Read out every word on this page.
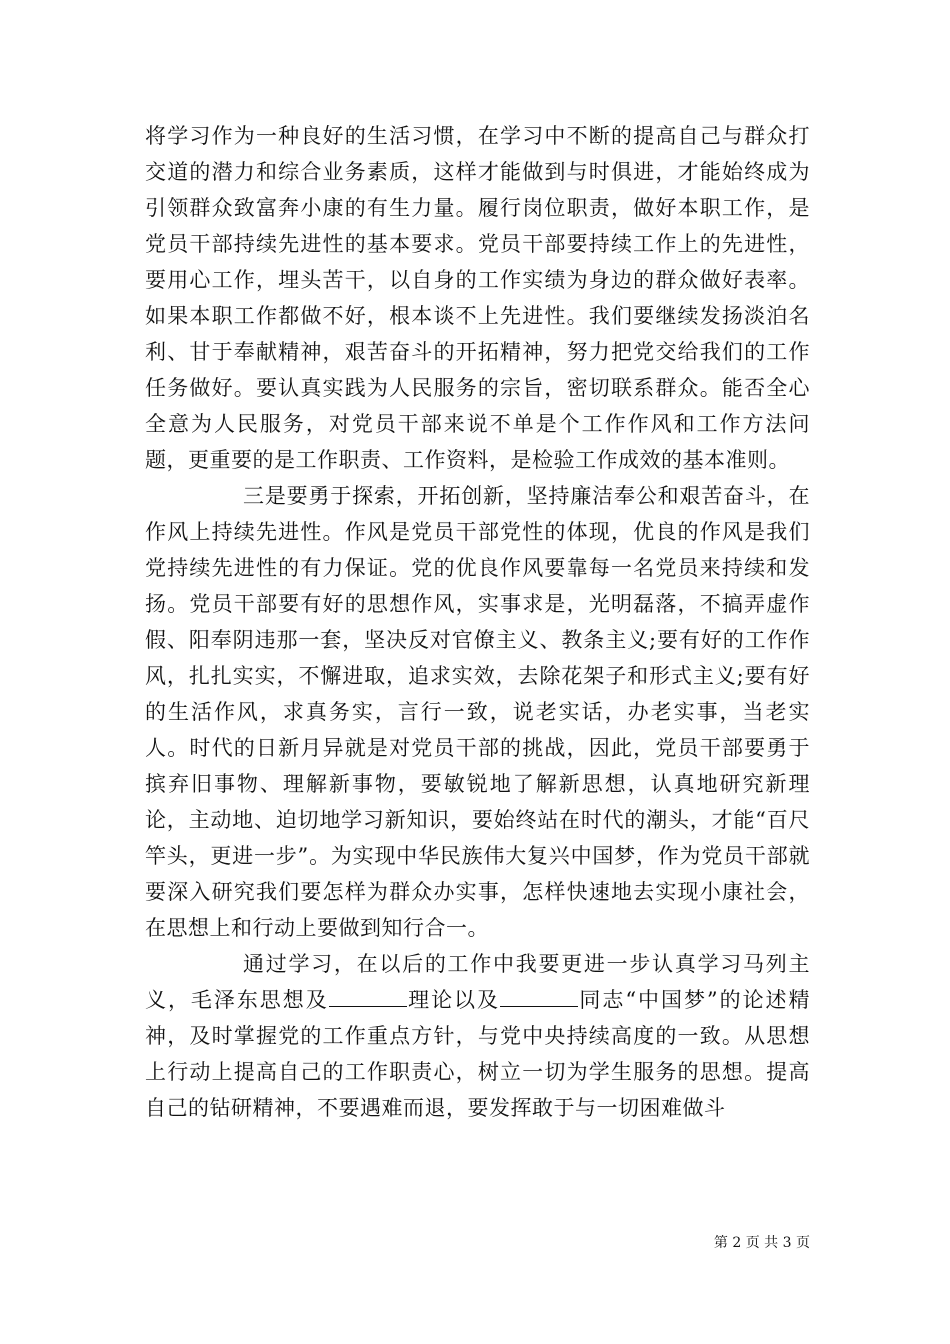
将学习作为一种良好的生活习惯，在学习中不断的提高自己与群众打交道的潜力和综合业务素质，这样才能做到与时俱进，才能始终成为引领群众致富奔小康的有生力量。履行岗位职责，做好本职工作，是党员干部持续先进性的基本要求。党员干部要持续工作上的先进性，要用心工作，埋头苦干，以自身的工作实绩为身边的群众做好表率。如果本职工作都做不好，根本谈不上先进性。我们要继续发扬淡泊名利、甘于奉献精神，艰苦奋斗的开拓精神，努力把党交给我们的工作任务做好。要认真实践为人民服务的宗旨，密切联系群众。能否全心全意为人民服务，对党员干部来说不单是个工作作风和工作方法问题，更重要的是工作职责、工作资料，是检验工作成效的基本准则。

三是要勇于探索，开拓创新，坚持廉洁奉公和艰苦奋斗，在作风上持续先进性。作风是党员干部党性的体现，优良的作风是我们党持续先进性的有力保证。党的优良作风要靠每一名党员来持续和发扬。党员干部要有好的思想作风，实事求是，光明磊落，不搞弄虚作假、阳奉阴违那一套，坚决反对官僚主义、教条主义;要有好的工作作风，扎扎实实，不懈进取，追求实效，去除花架子和形式主义;要有好的生活作风，求真务实，言行一致，说老实话，办老实事，当老实人。时代的日新月异就是对党员干部的挑战，因此，党员干部要勇于摈弃旧事物、理解新事物，要敏锐地了解新思想，认真地研究新理论，主动地、迫切地学习新知识，要始终站在时代的潮头，才能“百尺竿头，更进一步”。为实现中华民族伟大复兴中国梦，作为党员干部就要深入研究我们要怎样为群众办实事，怎样快速地去实现小康社会，在思想上和行动上要做到知行合一。

通过学习，在以后的工作中我要更进一步认真学习马列主义，毛泽东思想及	理论以及	同志“中国梦”的论述精神，及时掌握党的工作重点方针，与党中央持续高度的一致。从思想上行动上提高自己的工作职责心，树立一切为学生服务的思想。提高自己的钻研精神，不要遇难而退，要发挥敢于与一切困难做斗

第 2 页 共 3 页
